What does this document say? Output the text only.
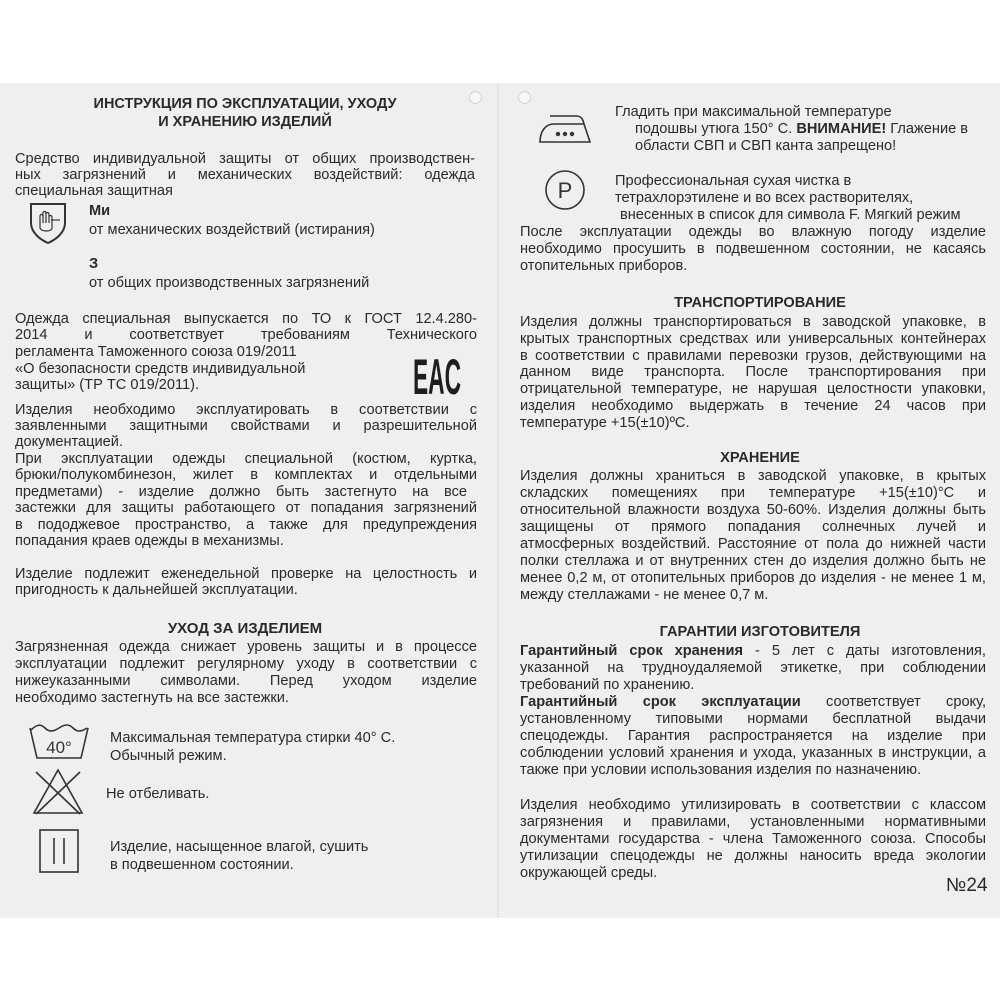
ИНСТРУКЦИЯ ПО ЭКСПЛУАТАЦИИ, УХОДУ
И ХРАНЕНИЮ ИЗДЕЛИЙ
Средство индивидуальной защиты от общих производствен-
ных загрязнений и механических воздействий: одежда
специальная защитная
Ми
от механических воздействий (истирания)
З
от общих производственных загрязнений
Одежда специальная выпускается по ТО к ГОСТ 12.4.280-
2014 и соответствует требованиям Технического
регламента Таможенного союза 019/2011
«О безопасности средств индивидуальной
защиты» (ТР ТС 019/2011).	EAC
Изделия необходимо эксплуатировать в соответствии с
заявленными защитными свойствами и разрешительной
документацией.
При эксплуатации одежды специальной (костюм, куртка,
брюки/полукомбинезон, жилет в комплектах и отдельными
предметами) - изделие должно быть застегнуто на все
застежки для защиты работающего от попадания загрязнений
в пододжевое пространство, а также для предупреждения
попадания краев одежды в механизмы.
Изделие подлежит еженедельной проверке на целостность и
пригодность к дальнейшей эксплуатации.
УХОД ЗА ИЗДЕЛИЕМ
Загрязненная одежда снижает уровень защиты и в процессе
эксплуатации подлежит регулярному уходу в соответствии с
нижеуказанными символами. Перед уходом изделие
необходимо застегнуть на все застежки.
40°	Максимальная температура стирки 40° С.
Обычный режим.
Не отбеливать.
Изделие, насыщенное влагой, сушить
в подвешенном состоянии.
Гладить при максимальной температуре
подошвы утюга 150° С. ВНИМАНИЕ! Глажение в
области СВП и СВП канта запрещено!
P	Профессиональная сухая чистка в
тетрахлорэтилене и во всех растворителях,
внесенных в список для символа F. Мягкий режим
После эксплуатации одежды во влажную погоду изделие
необходимо просушить в подвешенном состоянии, не касаясь
отопительных приборов.
ТРАНСПОРТИРОВАНИЕ
Изделия должны транспортироваться в заводской упаковке, в
крытых транспортных средствах или универсальных контейнерах
в соответствии с правилами перевозки грузов, действующими на
данном виде транспорта. После транспортирования при
отрицательной температуре, не нарушая целостности упаковки,
изделия необходимо выдержать в течение 24 часов при
температуре +15(±10)ºС.
ХРАНЕНИЕ
Изделия должны храниться в заводской упаковке, в крытых
складских помещениях при температуре +15(±10)°С и
относительной влажности воздуха 50-60%. Изделия должны быть
защищены от прямого попадания солнечных лучей и
атмосферных воздействий. Расстояние от пола до нижней части
полки стеллажа и от внутренних стен до изделия должно быть не
менее 0,2 м, от отопительных приборов до изделия - не менее 1 м,
между стеллажами - не менее 0,7 м.
ГАРАНТИИ ИЗГОТОВИТЕЛЯ
Гарантийный срок хранения - 5 лет с даты изготовления,
указанной на трудноудаляемой этикетке, при соблюдении
требований по хранению.
Гарантийный срок эксплуатации соответствует сроку,
установленному типовыми нормами бесплатной выдачи
спецодежды. Гарантия распространяется на изделие при
соблюдении условий хранения и ухода, указанных в инструкции, а
также при условии использования изделия по назначению.
Изделия необходимо утилизировать в соответствии с классом
загрязнения и правилами, установленными нормативными
документами государства - члена Таможенного союза. Способы
утилизации спецодежды не должны наносить вреда экологии
окружающей среды.
№24
